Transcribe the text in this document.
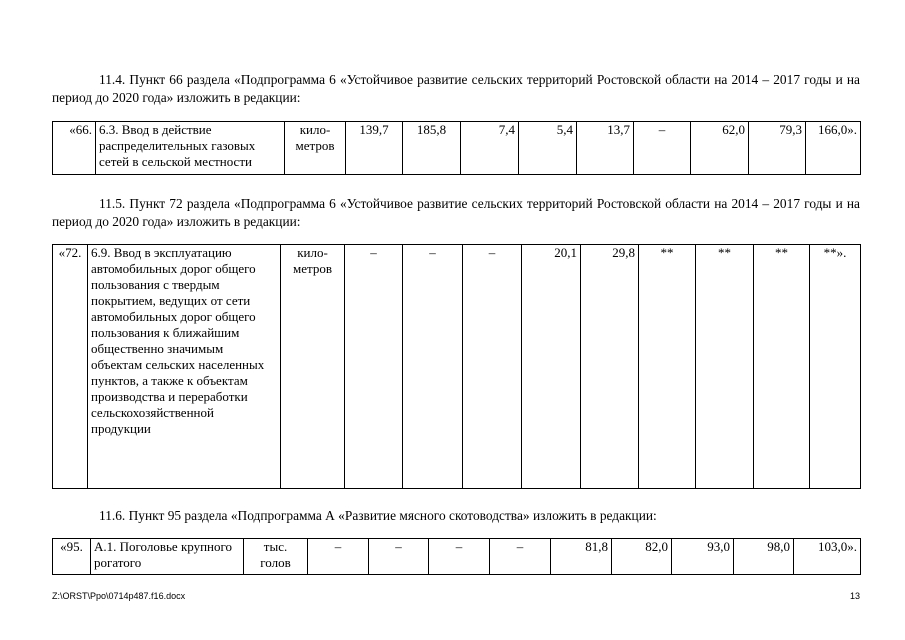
11.4. Пункт 66 раздела «Подпрограмма 6 «Устойчивое развитие сельских территорий Ростовской области на 2014 – 2017 годы и на период до 2020 года» изложить в редакции:

«66.	6.3. Ввод в действие распределительных газовых сетей в сельской местности	кило-метров	139,7	185,8	7,4	5,4	13,7	–	62,0	79,3	166,0».

11.5. Пункт 72 раздела «Подпрограмма 6 «Устойчивое развитие сельских территорий Ростовской области на 2014 – 2017 годы и на период до 2020 года» изложить в редакции:

«72.	6.9. Ввод в эксплуатацию автомобильных дорог общего пользования с твердым покрытием, ведущих от сети автомобильных дорог общего пользования к ближайшим общественно значимым объектам сельских населенных пунктов, а также к объектам производства и переработки сельскохозяйственной продукции	кило-метров	–	–	–	20,1	29,8	**	**	**	**».

11.6. Пункт 95 раздела «Подпрограмма А «Развитие мясного скотоводства» изложить в редакции:

«95.	А.1. Поголовье крупного рогатого	тыс. голов	–	–	–	–	81,8	82,0	93,0	98,0	103,0».
Z:\ORST\Ppo\0714p487.f16.docx	13
